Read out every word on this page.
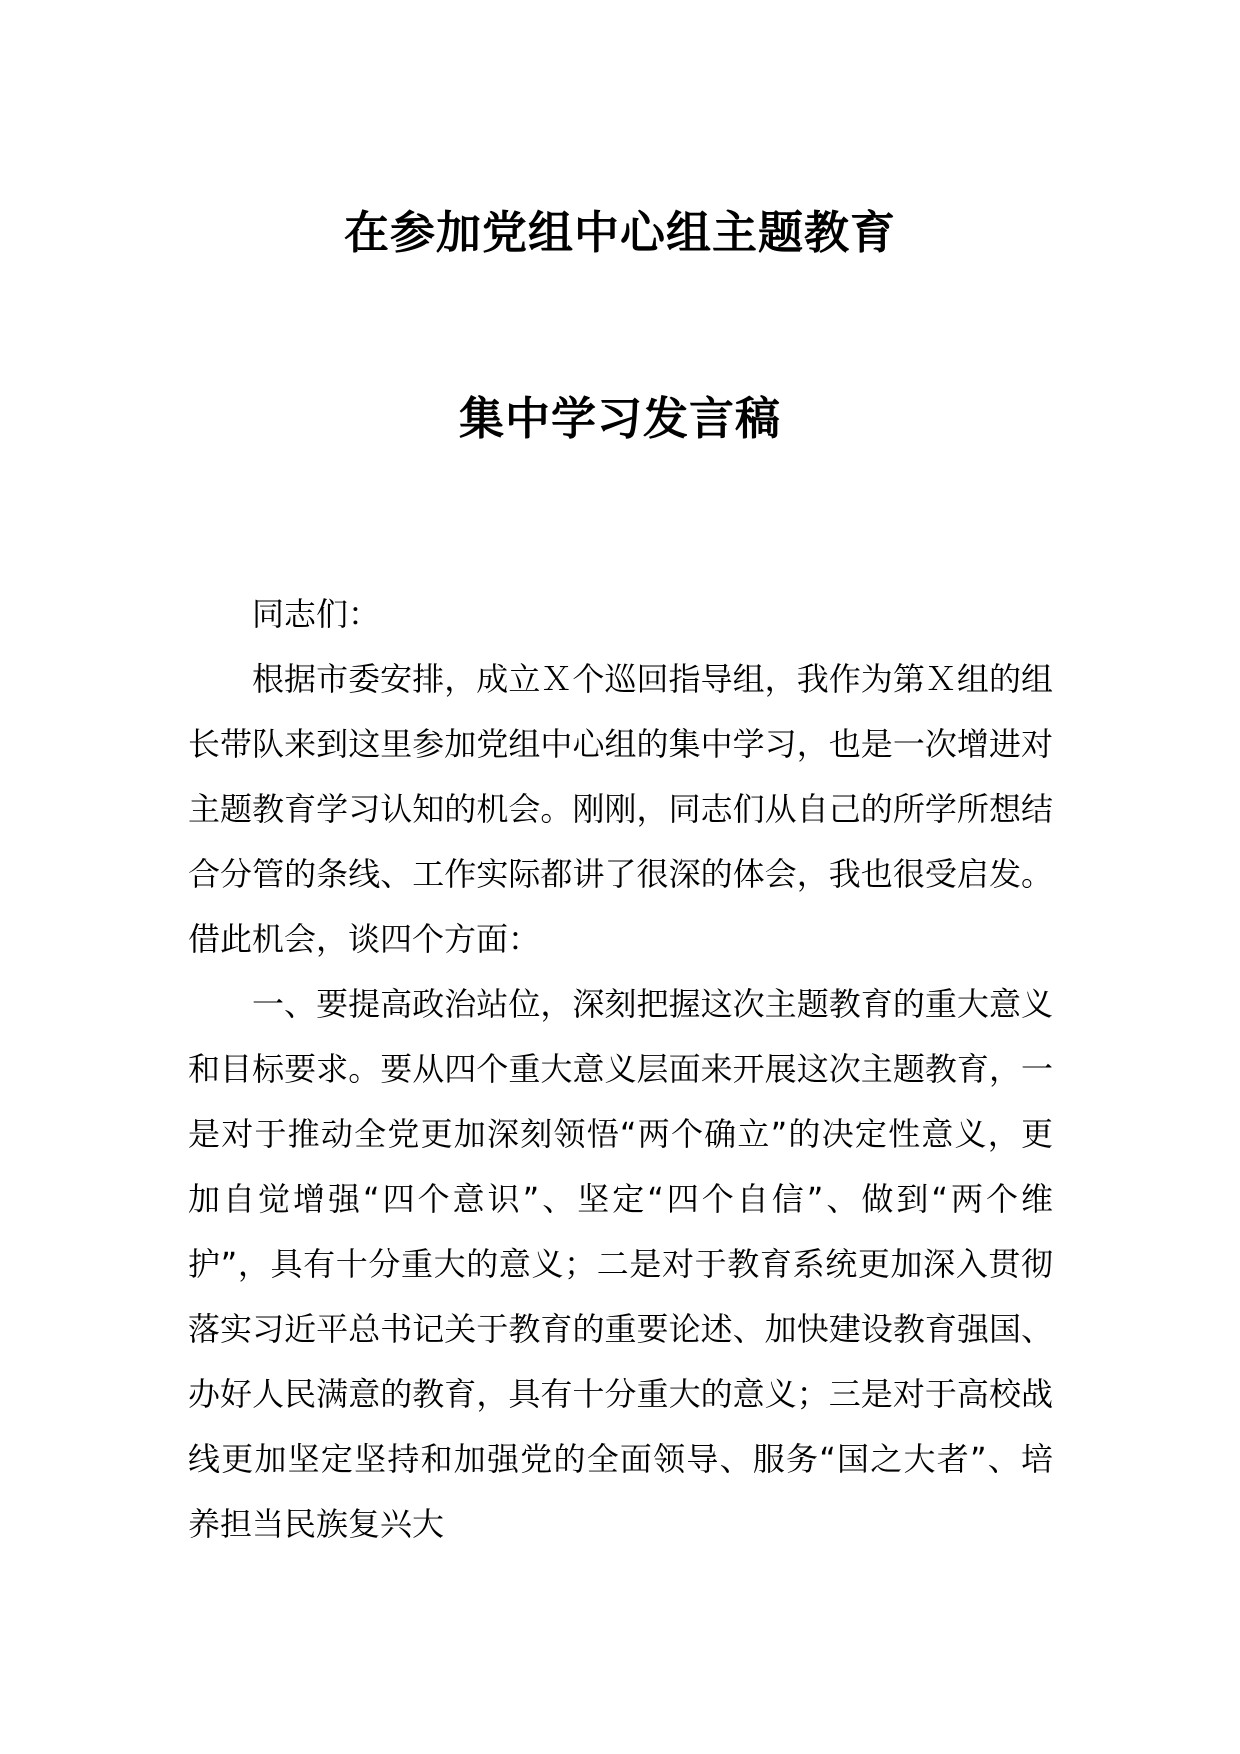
在参加党组中心组主题教育
集中学习发言稿

同志们：

根据市委安排，成立Ｘ个巡回指导组，我作为第Ｘ组的组长带队来到这里参加党组中心组的集中学习，也是一次增进对主题教育学习认知的机会。刚刚，同志们从自己的所学所想结合分管的条线、工作实际都讲了很深的体会，我也很受启发。借此机会，谈四个方面：

一、要提高政治站位，深刻把握这次主题教育的重大意义和目标要求。要从四个重大意义层面来开展这次主题教育，一是对于推动全党更加深刻领悟“两个确立”的决定性意义，更加自觉增强“四个意识”、坚定“四个自信”、做到“两个维护”，具有十分重大的意义；二是对于教育系统更加深入贯彻落实习近平总书记关于教育的重要论述、加快建设教育强国、办好人民满意的教育，具有十分重大的意义；三是对于高校战线更加坚定坚持和加强党的全面领导、服务“国之大者”、培养担当民族复兴大
